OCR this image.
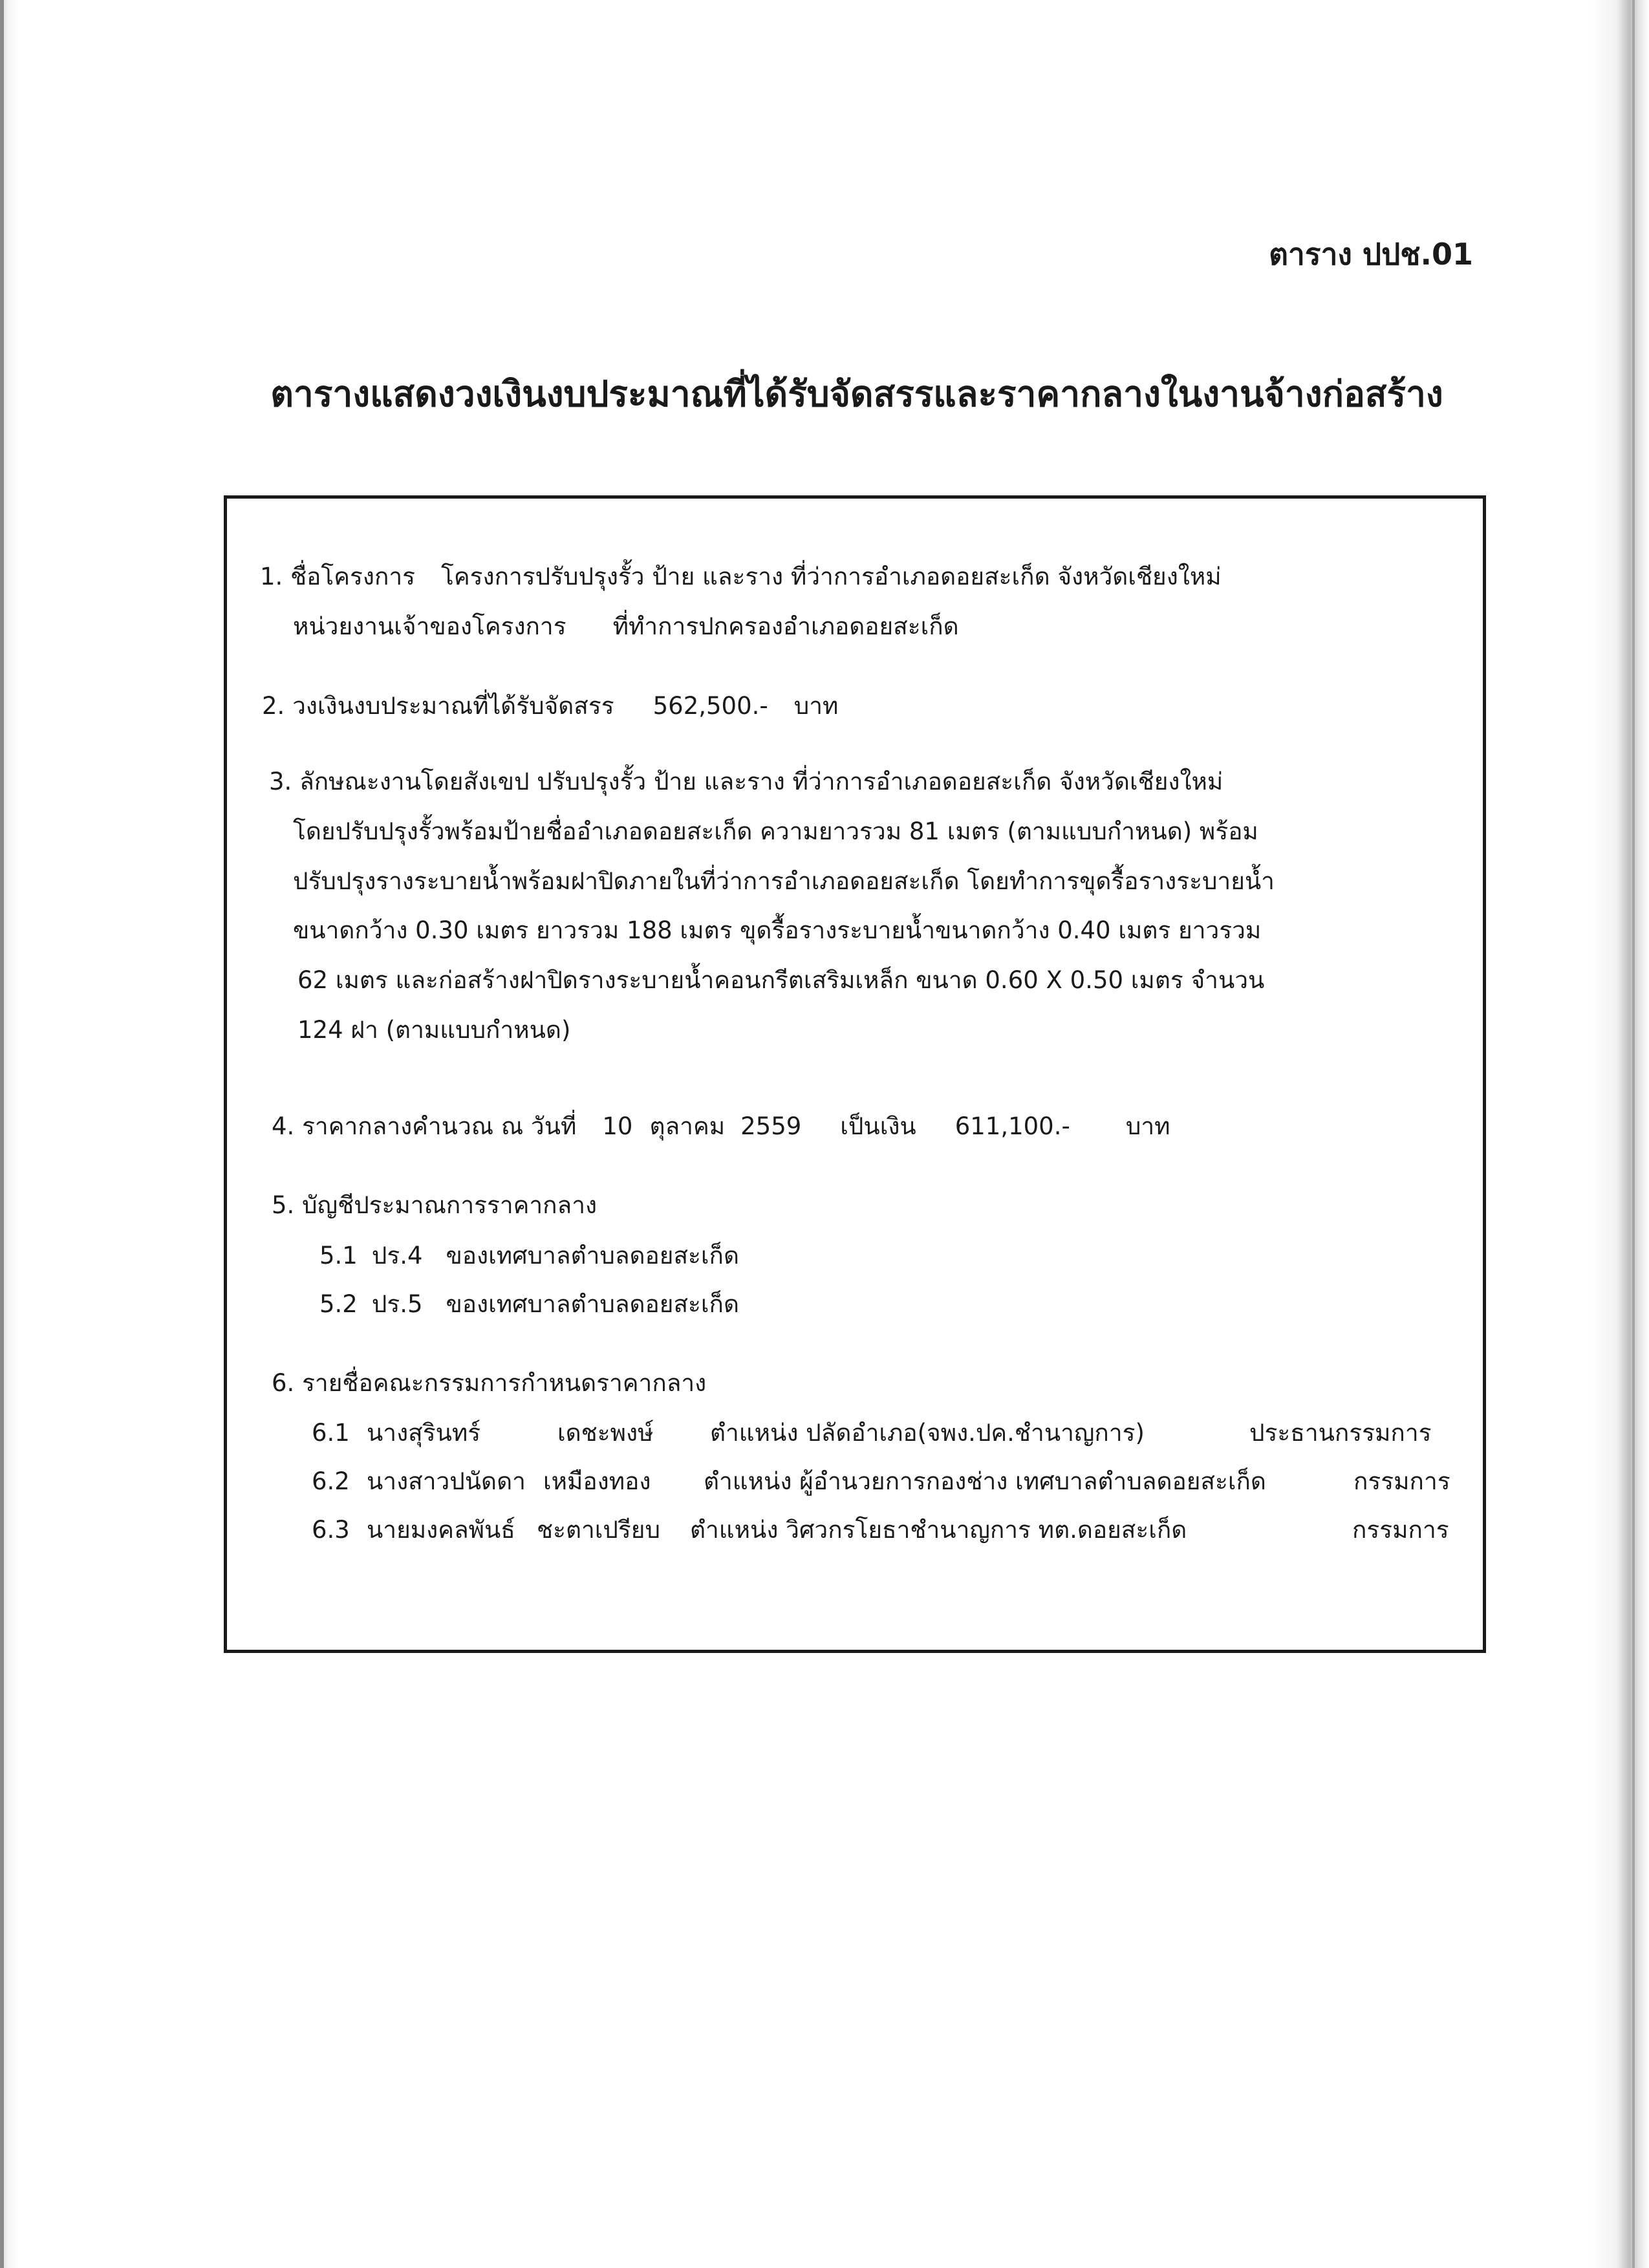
ตาราง ปปช.01
ตารางแสดงวงเงินงบประมาณที่ได้รับจัดสรรและราคากลางในงานจ้างก่อสร้าง
1. ชื่อโครงการ โครงการปรับปรุงรั้ว ป้าย และราง ที่ว่าการอำเภอดอยสะเก็ด จังหวัดเชียงใหม่
หน่วยงานเจ้าของโครงการ ที่ทำการปกครองอำเภอดอยสะเก็ด
2. วงเงินงบประมาณที่ได้รับจัดสรร 562,500.- บาท
3. ลักษณะงานโดยสังเขป ปรับปรุงรั้ว ป้าย และราง ที่ว่าการอำเภอดอยสะเก็ด จังหวัดเชียงใหม่
โดยปรับปรุงรั้วพร้อมป้ายชื่ออำเภอดอยสะเก็ด ความยาวรวม 81 เมตร (ตามแบบกำหนด) พร้อม
ปรับปรุงรางระบายน้ำพร้อมฝาปิดภายในที่ว่าการอำเภอดอยสะเก็ด โดยทำการขุดรื้อรางระบายน้ำ
ขนาดกว้าง 0.30 เมตร ยาวรวม 188 เมตร ขุดรื้อรางระบายน้ำขนาดกว้าง 0.40 เมตร ยาวรวม
62 เมตร และก่อสร้างฝาปิดรางระบายน้ำคอนกรีตเสริมเหล็ก ขนาด 0.60 X 0.50 เมตร จำนวน
124 ฝา (ตามแบบกำหนด)
4. ราคากลางคำนวณ ณ วันที่ 10 ตุลาคม 2559 เป็นเงิน 611,100.- บาท
5. บัญชีประมาณการราคากลาง
5.1 ปร.4 ของเทศบาลตำบลดอยสะเก็ด
5.2 ปร.5 ของเทศบาลตำบลดอยสะเก็ด
6. รายชื่อคณะกรรมการกำหนดราคากลาง
6.1 นางสุรินทร์	เดชะพงษ์ ตำแหน่ง ปลัดอำเภอ(จพง.ปค.ชำนาญการ)	ประธานกรรมการ
6.2 นางสาวปนัดดา เหมืองทอง ตำแหน่ง ผู้อำนวยการกองช่าง เทศบาลตำบลดอยสะเก็ด	กรรมการ
6.3 นายมงคลพันธ์ ชะตาเปรียบ ตำแหน่ง วิศวกรโยธาชำนาญการ ทต.ดอยสะเก็ด	กรรมการ
